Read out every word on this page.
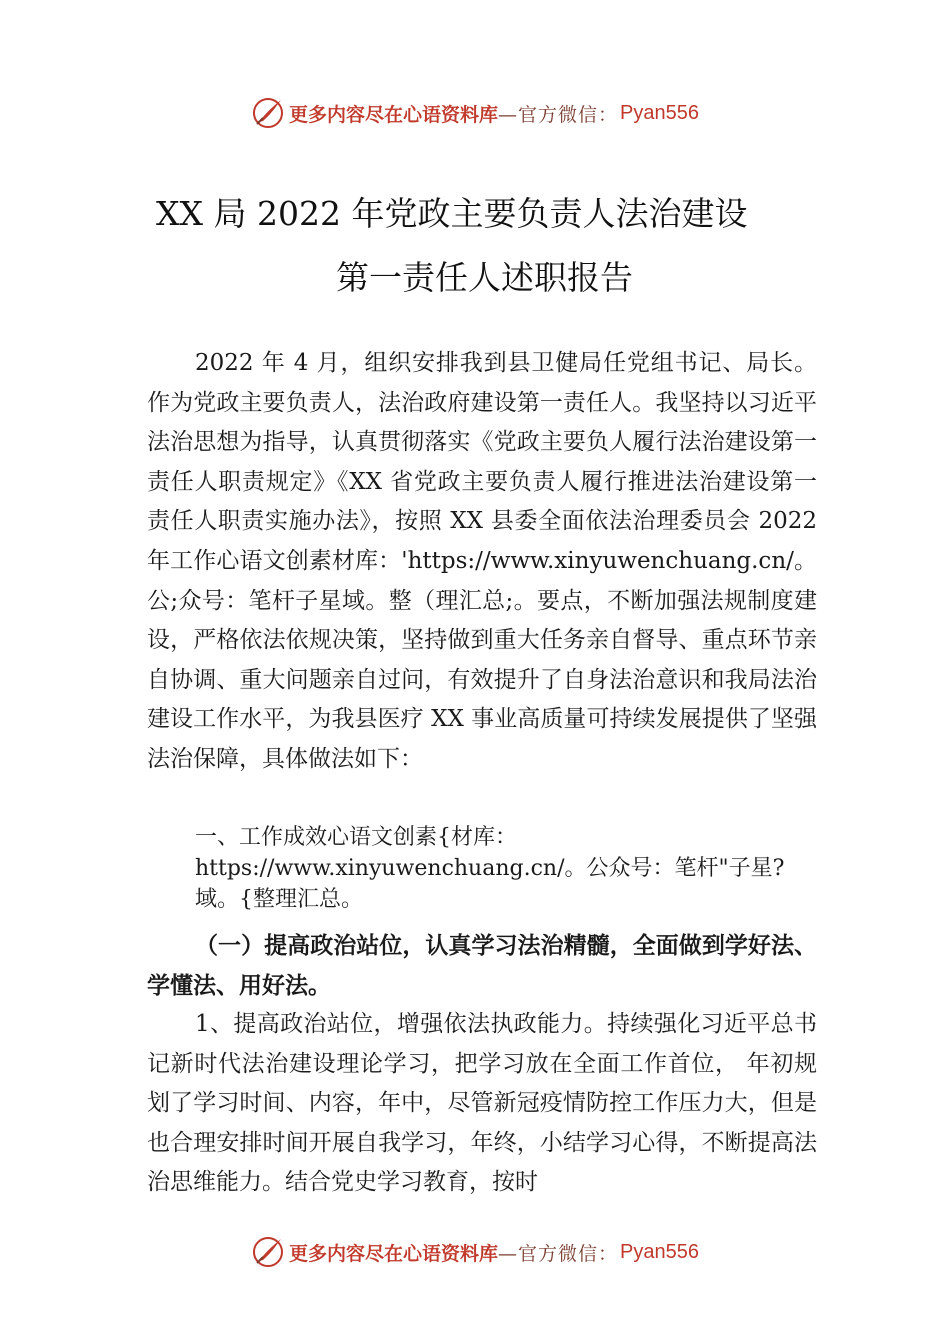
更多内容尽在心语资料库 —官方微信： Pyan556
XX 局 2022 年党政主要负责人法治建设
第一责任人述职报告

2022 年 4 月，组织安排我到县卫健局任党组书记、局长。作为党政主要负责人，法治政府建设第一责任人。我坚持以习近平法治思想为指导，认真贯彻落实《党政主要负人履行法治建设第一责任人职责规定》《XX 省党政主要负责人履行推进法治建设第一责任人职责实施办法》，按照 XX 县委全面依法治理委员会 2022 年工作心语文创素材库：'https://www.xinyuwenchuang.cn/。公;众号：笔杆子星域。整（理汇总;。要点，不断加强法规制度建设，严格依法依规决策，坚持做到重大任务亲自督导、重点环节亲自协调、重大问题亲自过问，有效提升了自身法治意识和我局法治建设工作水平，为我县医疗 XX 事业高质量可持续发展提供了坚强法治保障，具体做法如下：

一、工作成效心语文创素{材库：https://www.xinyuwenchuang.cn/。公众号：笔杆"子星?域。{整理汇总。

（一）提高政治站位，认真学习法治精髓，全面做到学好法、学懂法、用好法。

1、提高政治站位，增强依法执政能力。持续强化习近平总书记新时代法治建设理论学习，把学习放在全面工作首位， 年初规划了学习时间、内容，年中，尽管新冠疫情防控工作压力大，但是也合理安排时间开展自我学习，年终，小结学习心得，不断提高法治思维能力。结合党史学习教育，按时

更多内容尽在心语资料库 —官方微信： Pyan556
